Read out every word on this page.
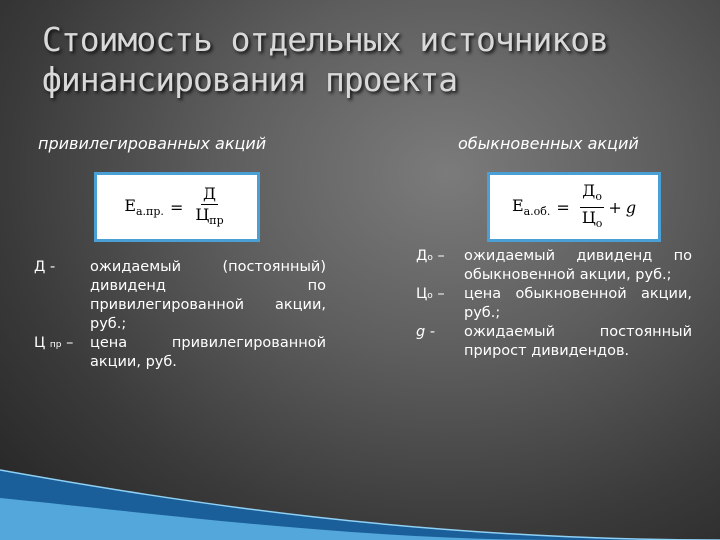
Стоимость отдельных источников финансирования проекта
привилегированных акций	обыкновенных акций
$E_{а.пр.} = \frac{Д}{Ц_{пр}}$	$E_{а.об.} = \frac{Д_о}{Ц_о} + g$
Д -	ожидаемый (постоянный) дивиденд по привилегированной акции, руб.;
Ц пр –	цена привилегированной акции, руб.
До –	ожидаемый дивиденд по обыкновенной акции, руб.;
Цо –	цена обыкновенной акции, руб.;
g -	ожидаемый постоянный прирост дивидендов.
